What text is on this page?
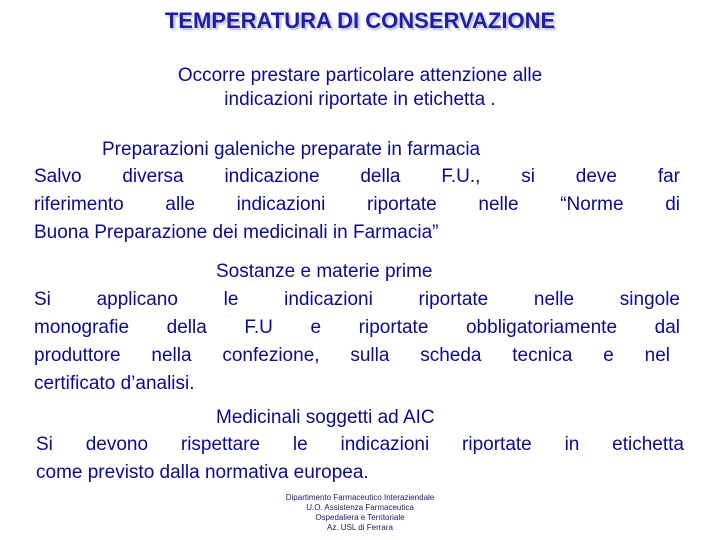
TEMPERATURA DI CONSERVAZIONE
Occorre prestare particolare attenzione alle
indicazioni riportate in etichetta .
Preparazioni galeniche preparate in farmacia
Salvo diversa indicazione della F.U., si deve far
riferimento alle indicazioni riportate nelle “Norme di
Buona Preparazione dei medicinali in Farmacia”
Sostanze e materie prime
Si applicano le indicazioni riportate nelle singole
monografie della F.U e riportate obbligatoriamente dal
produttore nella confezione, sulla scheda tecnica e nel
certificato d’analisi.
Medicinali soggetti ad AIC
Si devono rispettare le indicazioni riportate in etichetta
come previsto dalla normativa europea.
Dipartimento Farmaceutico Interaziendale
U.O. Assistenza Farmaceutica
Ospedaliera e Territoriale
Az. USL di Ferrara
